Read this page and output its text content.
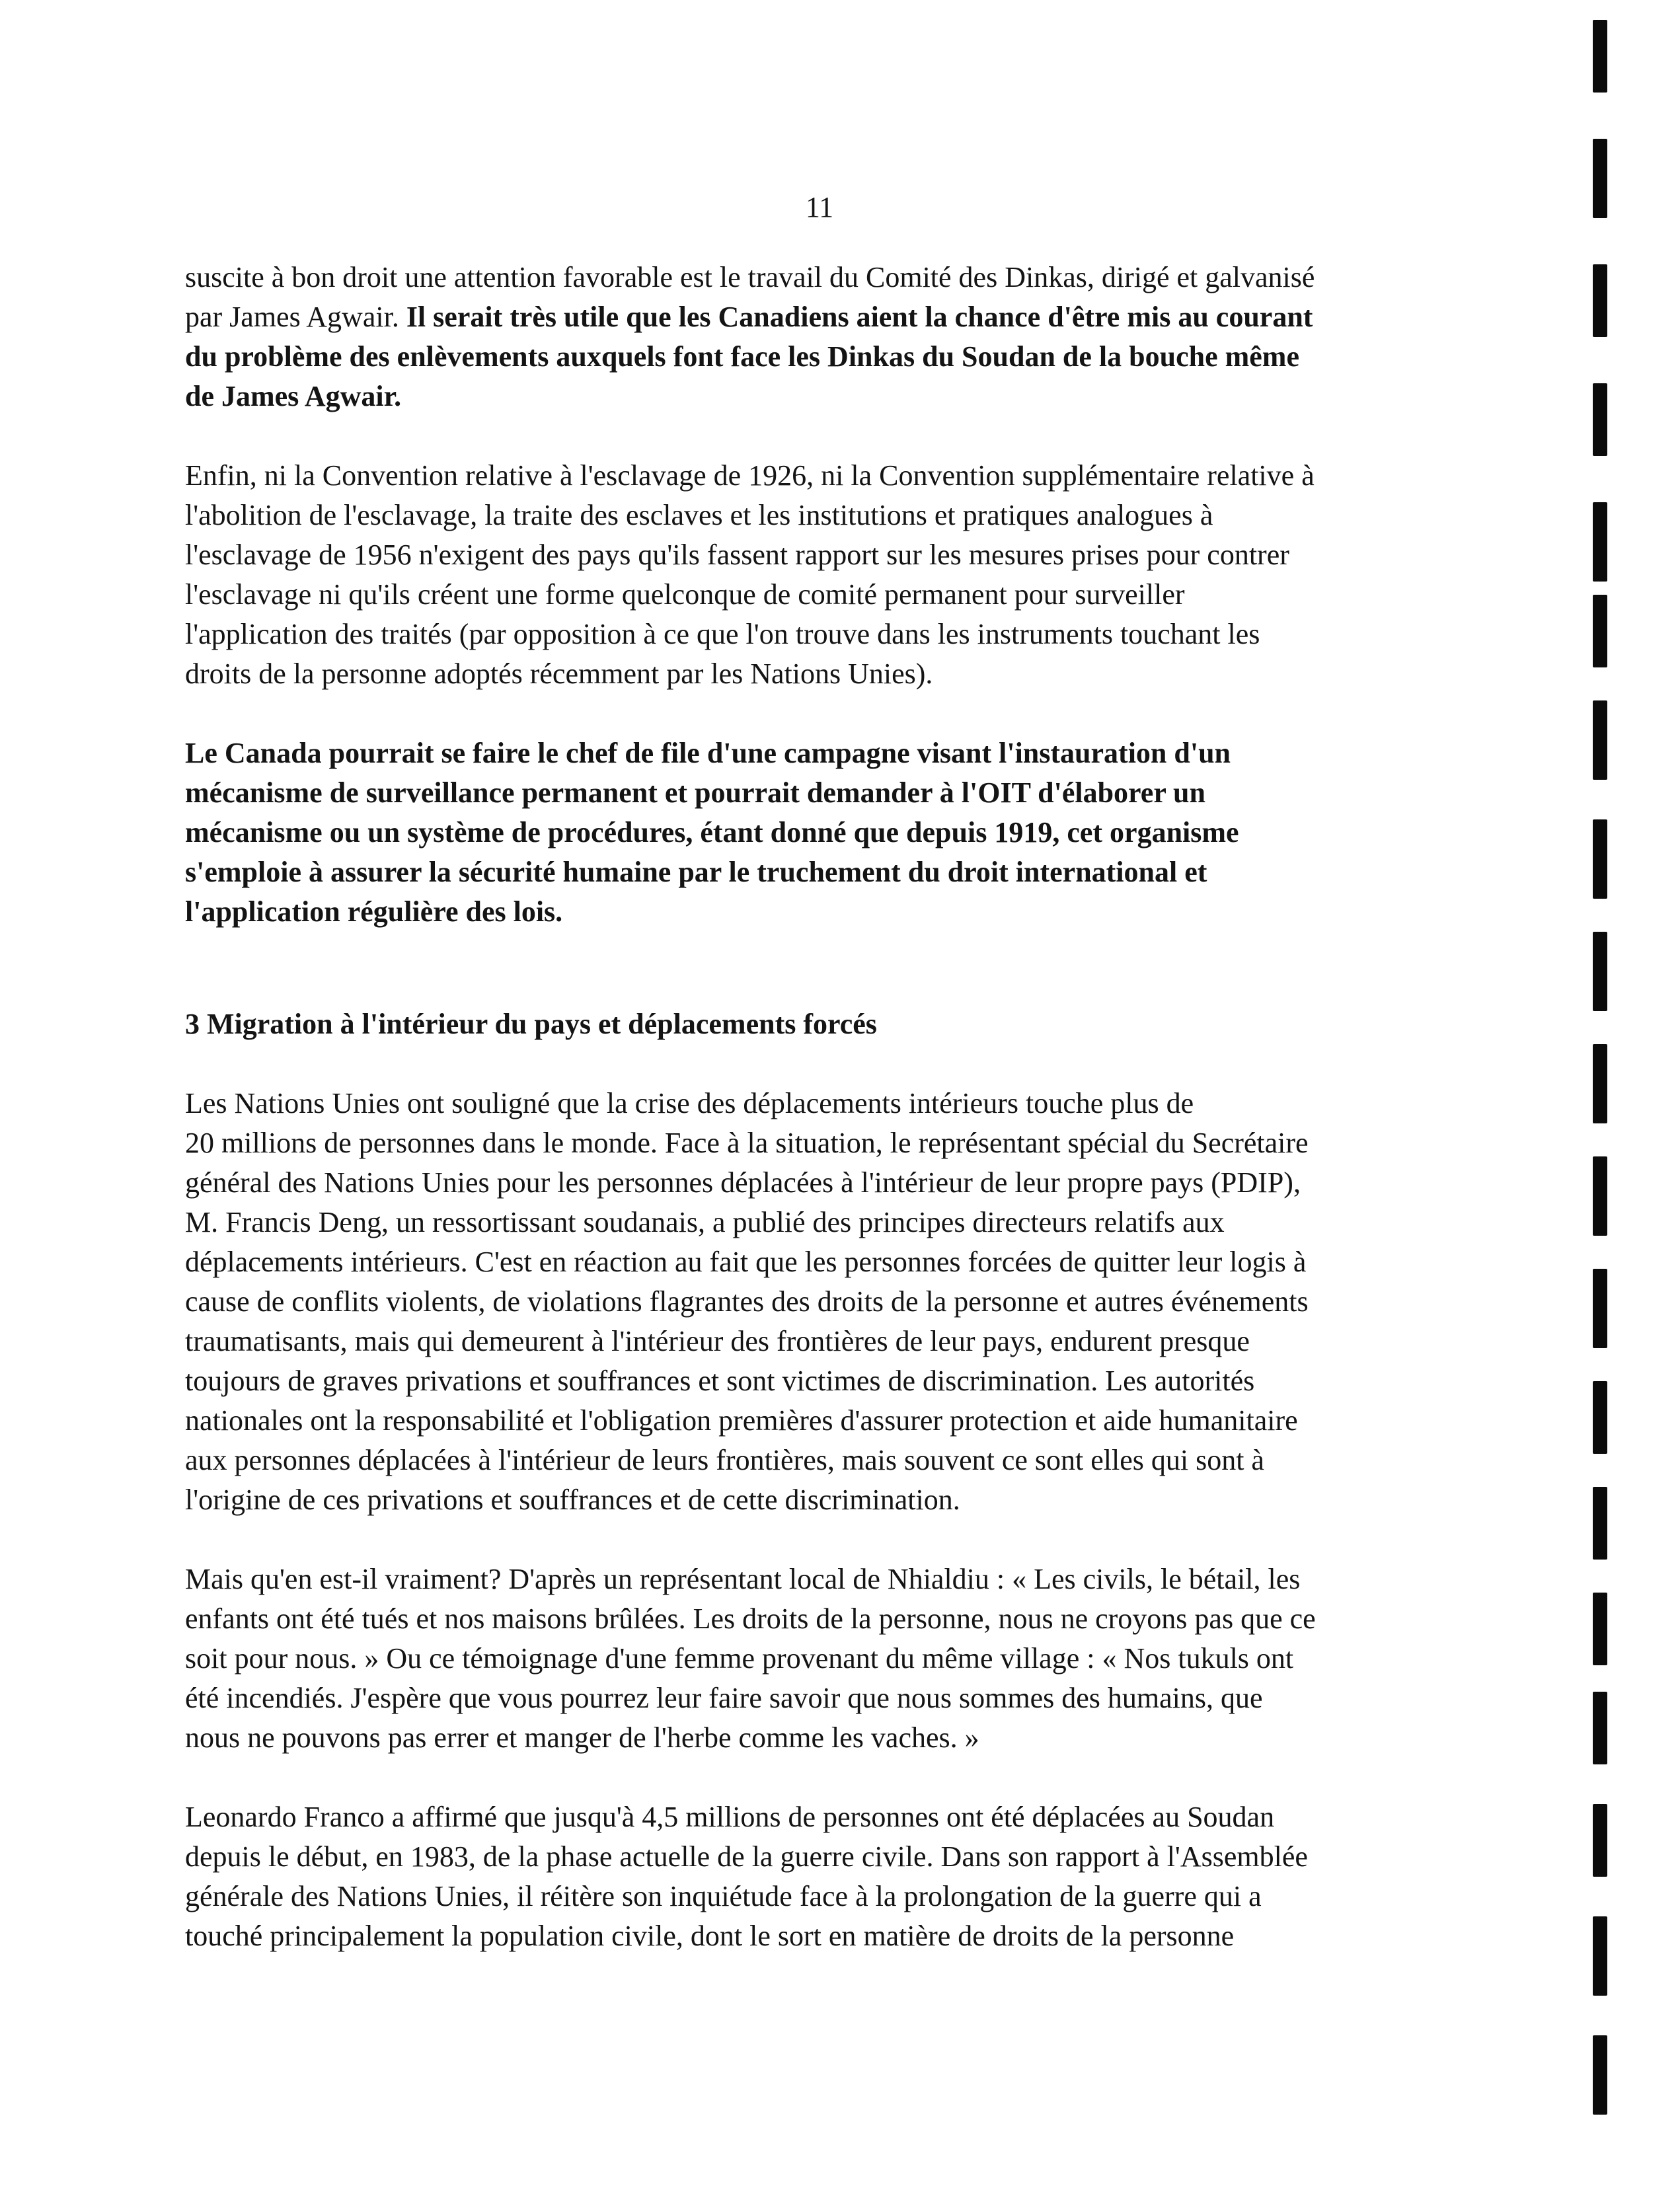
11
suscite à bon droit une attention favorable est le travail du Comité des Dinkas, dirigé et galvanisé
par James Agwair. Il serait très utile que les Canadiens aient la chance d'être mis au courant
du problème des enlèvements auxquels font face les Dinkas du Soudan de la bouche même
de James Agwair.
Enfin, ni la Convention relative à l'esclavage de 1926, ni la Convention supplémentaire relative à
l'abolition de l'esclavage, la traite des esclaves et les institutions et pratiques analogues à
l'esclavage de 1956 n'exigent des pays qu'ils fassent rapport sur les mesures prises pour contrer
l'esclavage ni qu'ils créent une forme quelconque de comité permanent pour surveiller
l'application des traités (par opposition à ce que l'on trouve dans les instruments touchant les
droits de la personne adoptés récemment par les Nations Unies).
Le Canada pourrait se faire le chef de file d'une campagne visant l'instauration d'un
mécanisme de surveillance permanent et pourrait demander à l'OIT d'élaborer un
mécanisme ou un système de procédures, étant donné que depuis 1919, cet organisme
s'emploie à assurer la sécurité humaine par le truchement du droit international et
l'application régulière des lois.
3 Migration à l'intérieur du pays et déplacements forcés
Les Nations Unies ont souligné que la crise des déplacements intérieurs touche plus de
20 millions de personnes dans le monde. Face à la situation, le représentant spécial du Secrétaire
général des Nations Unies pour les personnes déplacées à l'intérieur de leur propre pays (PDIP),
M. Francis Deng, un ressortissant soudanais, a publié des principes directeurs relatifs aux
déplacements intérieurs. C'est en réaction au fait que les personnes forcées de quitter leur logis à
cause de conflits violents, de violations flagrantes des droits de la personne et autres événements
traumatisants, mais qui demeurent à l'intérieur des frontières de leur pays, endurent presque
toujours de graves privations et souffrances et sont victimes de discrimination. Les autorités
nationales ont la responsabilité et l'obligation premières d'assurer protection et aide humanitaire
aux personnes déplacées à l'intérieur de leurs frontières, mais souvent ce sont elles qui sont à
l'origine de ces privations et souffrances et de cette discrimination.
Mais qu'en est-il vraiment? D'après un représentant local de Nhialdiu : « Les civils, le bétail, les
enfants ont été tués et nos maisons brûlées. Les droits de la personne, nous ne croyons pas que ce
soit pour nous. » Ou ce témoignage d'une femme provenant du même village : « Nos tukuls ont
été incendiés. J'espère que vous pourrez leur faire savoir que nous sommes des humains, que
nous ne pouvons pas errer et manger de l'herbe comme les vaches. »
Leonardo Franco a affirmé que jusqu'à 4,5 millions de personnes ont été déplacées au Soudan
depuis le début, en 1983, de la phase actuelle de la guerre civile. Dans son rapport à l'Assemblée
générale des Nations Unies, il réitère son inquiétude face à la prolongation de la guerre qui a
touché principalement la population civile, dont le sort en matière de droits de la personne
